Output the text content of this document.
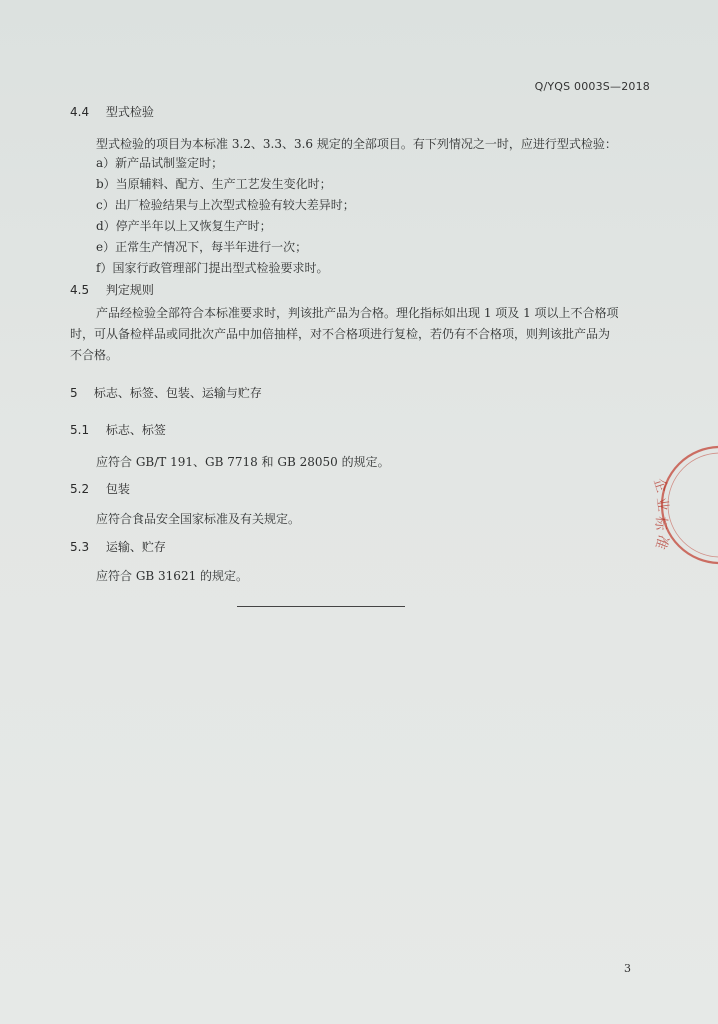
Q/YQS 0003S—2018
4.4 型式检验
型式检验的项目为本标准 3.2、3.3、3.6 规定的全部项目。有下列情况之一时，应进行型式检验：
a）新产品试制鉴定时；
b）当原辅料、配方、生产工艺发生变化时；
c）出厂检验结果与上次型式检验有较大差异时；
d）停产半年以上又恢复生产时；
e）正常生产情况下，每半年进行一次；
f）国家行政管理部门提出型式检验要求时。
4.5 判定规则
产品经检验全部符合本标准要求时，判该批产品为合格。理化指标如出现 1 项及 1 项以上不合格项
时，可从备检样品或同批次产品中加倍抽样，对不合格项进行复检，若仍有不合格项，则判该批产品为
不合格。
5 标志、标签、包装、运输与贮存
5.1 标志、标签
应符合 GB/T 191、GB 7718 和 GB 28050 的规定。
5.2 包装
应符合食品安全国家标准及有关规定。
5.3 运输、贮存
应符合 GB 31621 的规定。
企
业
标
准
3
